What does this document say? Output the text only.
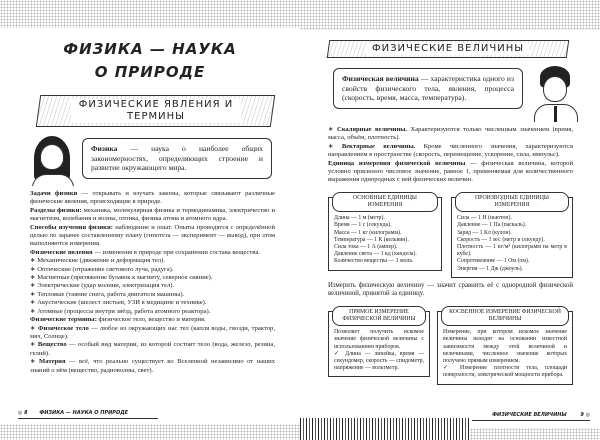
ФИЗИКА — НАУКА
О ПРИРОДЕ
ФИЗИЧЕСКИЕ ЯВЛЕНИЯ И ТЕРМИНЫ
Физика — наука о наиболее общих закономерностях, определяющих строение и развитие окружающего мира.

Задачи физики — открывать и изучать законы, которые связывают различные физические явления, происходящие в природе.

Разделы физики: механика, молекулярная физика и термодинамика, электричество и магнетизм, колебания и волны, оптика, физика атома и атомного ядра.

Способы изучения физики: наблюдение и опыт. Опыты проводятся с определённой целью по заранее составленному плану (гипотеза — эксперимент — вывод), при этом выполняются измерения.

Физические явления — изменения в природе при сохранении состава вещества.

∗ Механические (движение и деформация тел).

∗ Оптические (отражение светового луча, радуга).

∗ Магнитные (притяжение булавок к магниту, северное сияние).

∗ Электрические (удар молнии, электризация тел).

∗ Тепловые (таяние снега, работа двигателя машины).

∗ Акустические (шелест листьев, УЗИ в медицине и технике).

∗ Атомные (процессы внутри звёзд, работа атомного реактора).

Физические термины: физическое тело, вещество и материя.

∗ Физическое тело — любое из окружающих нас тел (капля воды, гвозди, трактор, мяч, Солнце).

∗ Вещество — особый вид материи, из которой состоит тело (вода, железо, резина, гелий).

∗ Материя — всё, что реально существует во Вселенной независимо от наших знаний о нём (вещество, радиоволны, свет).

◎ 8 ФИЗИКА — НАУКА О ПРИРОДЕ
ФИЗИЧЕСКИЕ ВЕЛИЧИНЫ
Физическая величина — характеристика одного из свойств физического тела, явления, процесса (скорость, время, масса, температура).

∗ Скалярные величины. Характеризуются только численным значением (время, масса, объём, плотность).

∗ Векторные величины. Кроме численного значения, характеризуются направлением в пространстве (скорость, перемещение, ускорение, сила, импульс).

Единица измерения физической величины — физическая величина, которой условно присвоено числовое значение, равное 1, применяемая для количественного выражения однородных с ней физических величин.

ОСНОВНЫЕ ЕДИНИЦЫ ИЗМЕРЕНИЯ
Длина — 1 м (метр).
Время — 1 с (секунда).
Масса — 1 кг (килограмм).
Температура — 1 К (кельвин).
Сила тока — 1 А (ампер).
Давление света — 1 кд (кандела).
Количество вещества — 1 моль.
ПРОИЗВОДНЫЕ ЕДИНИЦЫ ИЗМЕРЕНИЯ
Сила — 1 Н (ньютон).
Давление — 1 Па (паскаль).
Заряд — 1 Кл (кулон).
Скорость — 1 м/с (метр в секунду).
Плотность — 1 кг/м³ (килограмм на метр в кубе).
Сопротивление — 1 Ом (ом).
Энергия — 1 Дж (джоуль).
Измерить физическую величину — значит сравнить её с однородной физической величиной, принятой за единицу.
ПРЯМОЕ ИЗМЕРЕНИЕ ФИЗИЧЕСКОЙ ВЕЛИЧИНЫ
Позволяет получить искомое значение физической величины с использованием приборов.
✓ Длина — линейка, время — секундомер, скорость — спидометр, напряжение — вольтметр.
КОСВЕННОЕ ИЗМЕРЕНИЕ ФИЗИЧЕСКОЙ ВЕЛИЧИНЫ
Измерение, при котором искомое значение величины находят на основании известной зависимости между этой величиной и величинами, численное значение которых получено прямым измерением.
✓ Измерение плотности тела, площади поверхности, электрической мощности прибора.
ФИЗИЧЕСКИЕ ВЕЛИЧИНЫ	9 ◎
